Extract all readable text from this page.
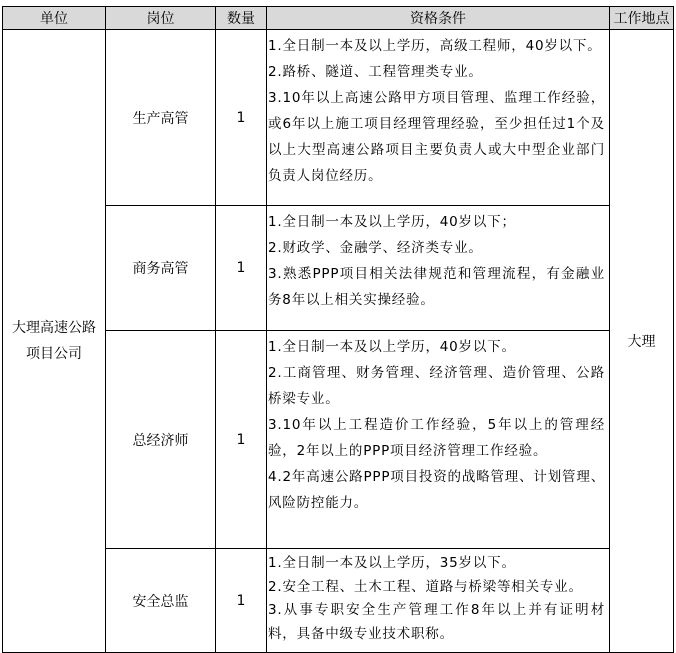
单位	岗位	数量	资格条件	工作地点
大理高速公路项目公司	生产高管	1	1.全日制一本及以上学历，高级工程师，40岁以下。
2.路桥、隧道、工程管理类专业。
3.10年以上高速公路甲方项目管理、监理工作经验，或6年以上施工项目经理管理经验，至少担任过1个及以上大型高速公路项目主要负责人或大中型企业部门负责人岗位经历。	大理
	商务高管	1	1.全日制一本及以上学历，40岁以下；
2.财政学、金融学、经济类专业。
3.熟悉PPP项目相关法律规范和管理流程，有金融业务8年以上相关实操经验。	

	总经济师	1	1.全日制一本及以上学历，40岁以下。
2.工商管理、财务管理、经济管理、造价管理、公路桥梁专业。
3.10年以上工程造价工作经验，5年以上的管理经验，2年以上的PPP项目经济管理工作经验。
4.2年高速公路PPP项目投资的战略管理、计划管理、风险防控能力。	

	安全总监	1	1.全日制一本及以上学历，35岁以下。
2.安全工程、土木工程、道路与桥梁等相关专业。
3.从事专职安全生产管理工作8年以上并有证明材料，具备中级专业技术职称。	
